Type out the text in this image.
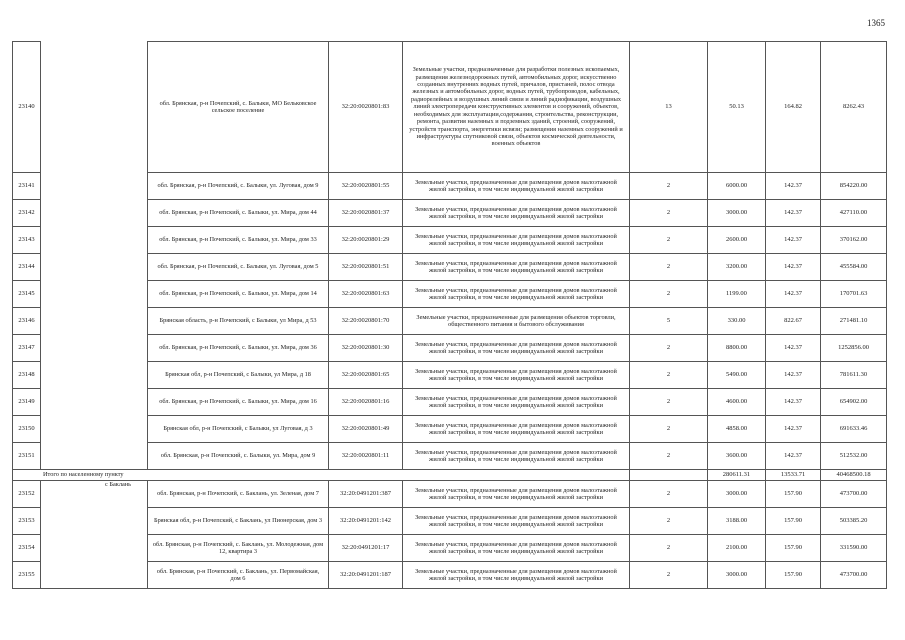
1365
23140		обл. Брянская, р-н Почепский, с. Балыки, МО Бельковское сельское поселение	32:20:0020801:83	Земельные участки, предназначенные для разработки полезных ископаемых, размещения железнодорожных путей, автомобильных дорог, искусственно созданных внутренних водных путей, причалов, пристаней, полос отвода железных и автомобильных дорог, водных путей, трубопроводов, кабельных, радиорелейных и воздушных линий связи и линий радиофикации, воздушных линий электропередачи конструктивных элементов и сооружений, объектов, необходимых для эксплуатации,содержания, строительства, реконструкции, ремонта, развития наземных и подземных зданий, строений, сооружений, устройств транспорта, энергетики исвязи; размещения наземных сооружений и инфраструктуры спутниковой связи, объектов космической деятельности, военных объектов	13	50.13	164.82	8262.43
23141		обл. Брянская, р-н Почепский, с. Балыки, ул. Луговая, дом 9	32:20:0020801:55	Земельные участки, предназначенные для размещения домов малоэтажной жилой застройки, в том числе индивидуальной жилой застройки	2	6000.00	142.37	854220.00
23142		обл. Брянская, р-н Почепский, с. Балыки, ул. Мира, дом 44	32:20:0020801:37	Земельные участки, предназначенные для размещения домов малоэтажной жилой застройки, в том числе индивидуальной жилой застройки	2	3000.00	142.37	427110.00
23143		обл. Брянская, р-н Почепский, с. Балыки, ул. Мира, дом 33	32:20:0020801:29	Земельные участки, предназначенные для размещения домов малоэтажной жилой застройки, в том числе индивидуальной жилой застройки	2	2600.00	142.37	370162.00
23144		обл. Брянская, р-н Почепский, с. Балыки, ул. Луговая, дом 5	32:20:0020801:51	Земельные участки, предназначенные для размещения домов малоэтажной жилой застройки, в том числе индивидуальной жилой застройки	2	3200.00	142.37	455584.00
23145		обл. Брянская, р-н Почепский, с. Балыки, ул. Мира, дом 14	32:20:0020801:63	Земельные участки, предназначенные для размещения домов малоэтажной жилой застройки, в том числе индивидуальной жилой застройки	2	1199.00	142.37	170701.63
23146		Брянская область, р-н Почепский, с Балыки, ул Мира, д 53	32:20:0020801:70	Земельные участки, предназначенные для размещения объектов торговли, общественного питания и бытового обслуживания	5	330.00	822.67	271481.10
23147		обл. Брянская, р-н Почепский, с. Балыки, ул. Мира, дом 36	32:20:0020801:30	Земельные участки, предназначенные для размещения домов малоэтажной жилой застройки, в том числе индивидуальной жилой застройки	2	8800.00	142.37	1252856.00
23148		Брянская обл, р-н Почепский, с Балыки, ул Мира, д 18	32:20:0020801:65	Земельные участки, предназначенные для размещения домов малоэтажной жилой застройки, в том числе индивидуальной жилой застройки	2	5490.00	142.37	781611.30
23149		обл. Брянская, р-н Почепский, с. Балыки, ул. Мира, дом 16	32:20:0020801:16	Земельные участки, предназначенные для размещения домов малоэтажной жилой застройки, в том числе индивидуальной жилой застройки	2	4600.00	142.37	654902.00
23150		Брянская обл, р-н Почепский, с Балыки, ул Луговая, д 3	32:20:0020801:49	Земельные участки, предназначенные для размещения домов малоэтажной жилой застройки, в том числе индивидуальной жилой застройки	2	4858.00	142.37	691633.46
23151		обл. Брянская, р-н Почепский, с. Балыки, ул. Мира, дом 9	32:20:0020801:11	Земельные участки, предназначенные для размещения домов малоэтажной жилой застройки, в том числе индивидуальной жилой застройки	2	3600.00	142.37	512532.00
Итого по населенному пункту						280611.31	13533.71	40468500.18
23152	с Баклань	обл. Брянская, р-н Почепский, с. Баклань, ул. Зеленая, дом 7	32:20:0491201:387	Земельные участки, предназначенные для размещения домов малоэтажной жилой застройки, в том числе индивидуальной жилой застройки	2	3000.00	157.90	473700.00
23153		Брянская обл, р-н Почепский, с Баклань, ул Пионерская, дом 3	32:20:0491201:142	Земельные участки, предназначенные для размещения домов малоэтажной жилой застройки, в том числе индивидуальной жилой застройки	2	3188.00	157.90	503385.20
23154		обл. Брянская, р-н Почепский, с. Баклань, ул. Молодежная, дом 12, квартира 3	32:20:0491201:17	Земельные участки, предназначенные для размещения домов малоэтажной жилой застройки, в том числе индивидуальной жилой застройки	2	2100.00	157.90	331590.00
23155		обл. Брянская, р-н Почепский, с. Баклань, ул. Первомайская, дом 6	32:20:0491201:187	Земельные участки, предназначенные для размещения домов малоэтажной жилой застройки, в том числе индивидуальной жилой застройки	2	3000.00	157.90	473700.00
